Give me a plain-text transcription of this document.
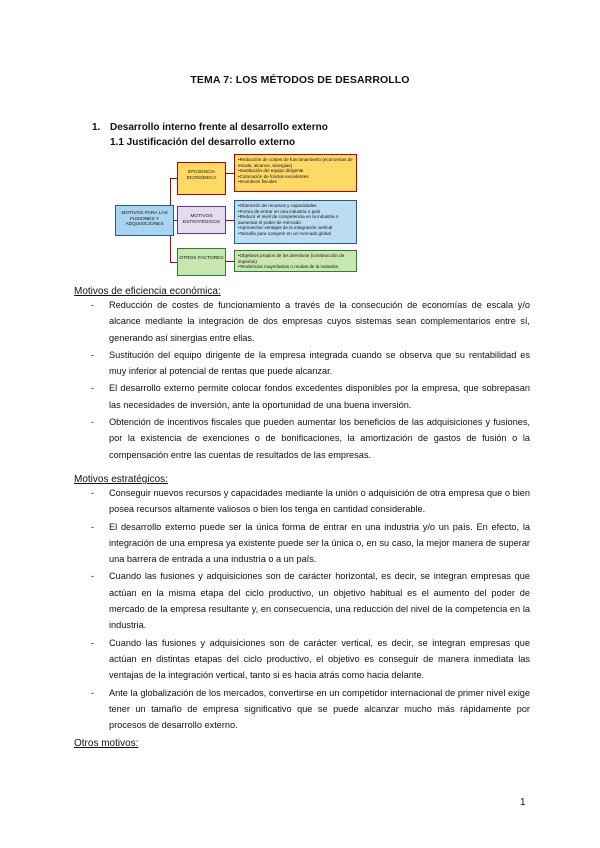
TEMA 7: LOS MÉTODOS DE DESARROLLO
1. Desarrollo interno frente al desarrollo externo
1.1 Justificación del desarrollo externo
MOTIVOS PARA LAS FUSIONES Y ADQUISICIONES
EFICIENCIA ECONÓMICA
MOTIVOS ESTRATÉGICOS
OTROS FACTORES
• Reducción de costes de funcionamiento (economías de escala, alcance, sinergias)
• Sustitución del equipo dirigente
• Colocación de fondos excedentes
• Incentivos fiscales
• Obtención de recursos y capacidades
• Forma de entrar en una industria o país
• Reducir el nivel de competencia en la industria o aumentar el poder de mercado
• Aprovechar ventajas de la integración vertical
• Tamaño para competir en un mercado global
• Objetivos propios de los directivos (construcción de imperios)
• Tendencias mayoritarias o modas de la industria
Motivos de eficiencia económica:
- Reducción de costes de funcionamiento a través de la consecución de economías de escala y/o alcance mediante la integración de dos empresas cuyos sistemas sean complementarios entre sí, generando así sinergias entre ellas.
- Sustitución del equipo dirigente de la empresa integrada cuando se observa que su rentabilidad es muy inferior al potencial de rentas que puede alcanzar.
- El desarrollo externo permite colocar fondos excedentes disponibles por la empresa, que sobrepasan las necesidades de inversión, ante la oportunidad de una buena inversión.
- Obtención de incentivos fiscales que pueden aumentar los beneficios de las adquisiciones y fusiones, por la existencia de exenciones o de bonificaciones, la amortización de gastos de fusión o la compensación entre las cuentas de resultados de las empresas.
Motivos estratégicos:
- Conseguir nuevos recursos y capacidades mediante la unión o adquisición de otra empresa que o bien posea recursos altamente valiosos o bien los tenga en cantidad considerable.
- El desarrollo externo puede ser la única forma de entrar en una industria y/o un país. En efecto, la integración de una empresa ya existente puede ser la única o, en su caso, la mejor manera de superar una barrera de entrada a una industria o a un país.
- Cuando las fusiones y adquisiciones son de carácter horizontal, es decir, se integran empresas que actúan en la misma etapa del ciclo productivo, un objetivo habitual es el aumento del poder de mercado de la empresa resultante y, en consecuencia, una reducción del nivel de la competencia en la industria.
- Cuando las fusiones y adquisiciones son de carácter vertical, es decir, se integran empresas que actúan en distintas etapas del ciclo productivo, el objetivo es conseguir de manera inmediata las ventajas de la integración vertical, tanto si es hacia atrás como hacia delante.
- Ante la globalización de los mercados, convertirse en un competidor internacional de primer nivel exige tener un tamaño de empresa significativo que se puede alcanzar mucho más rápidamente por procesos de desarrollo externo.
Otros motivos:
1
